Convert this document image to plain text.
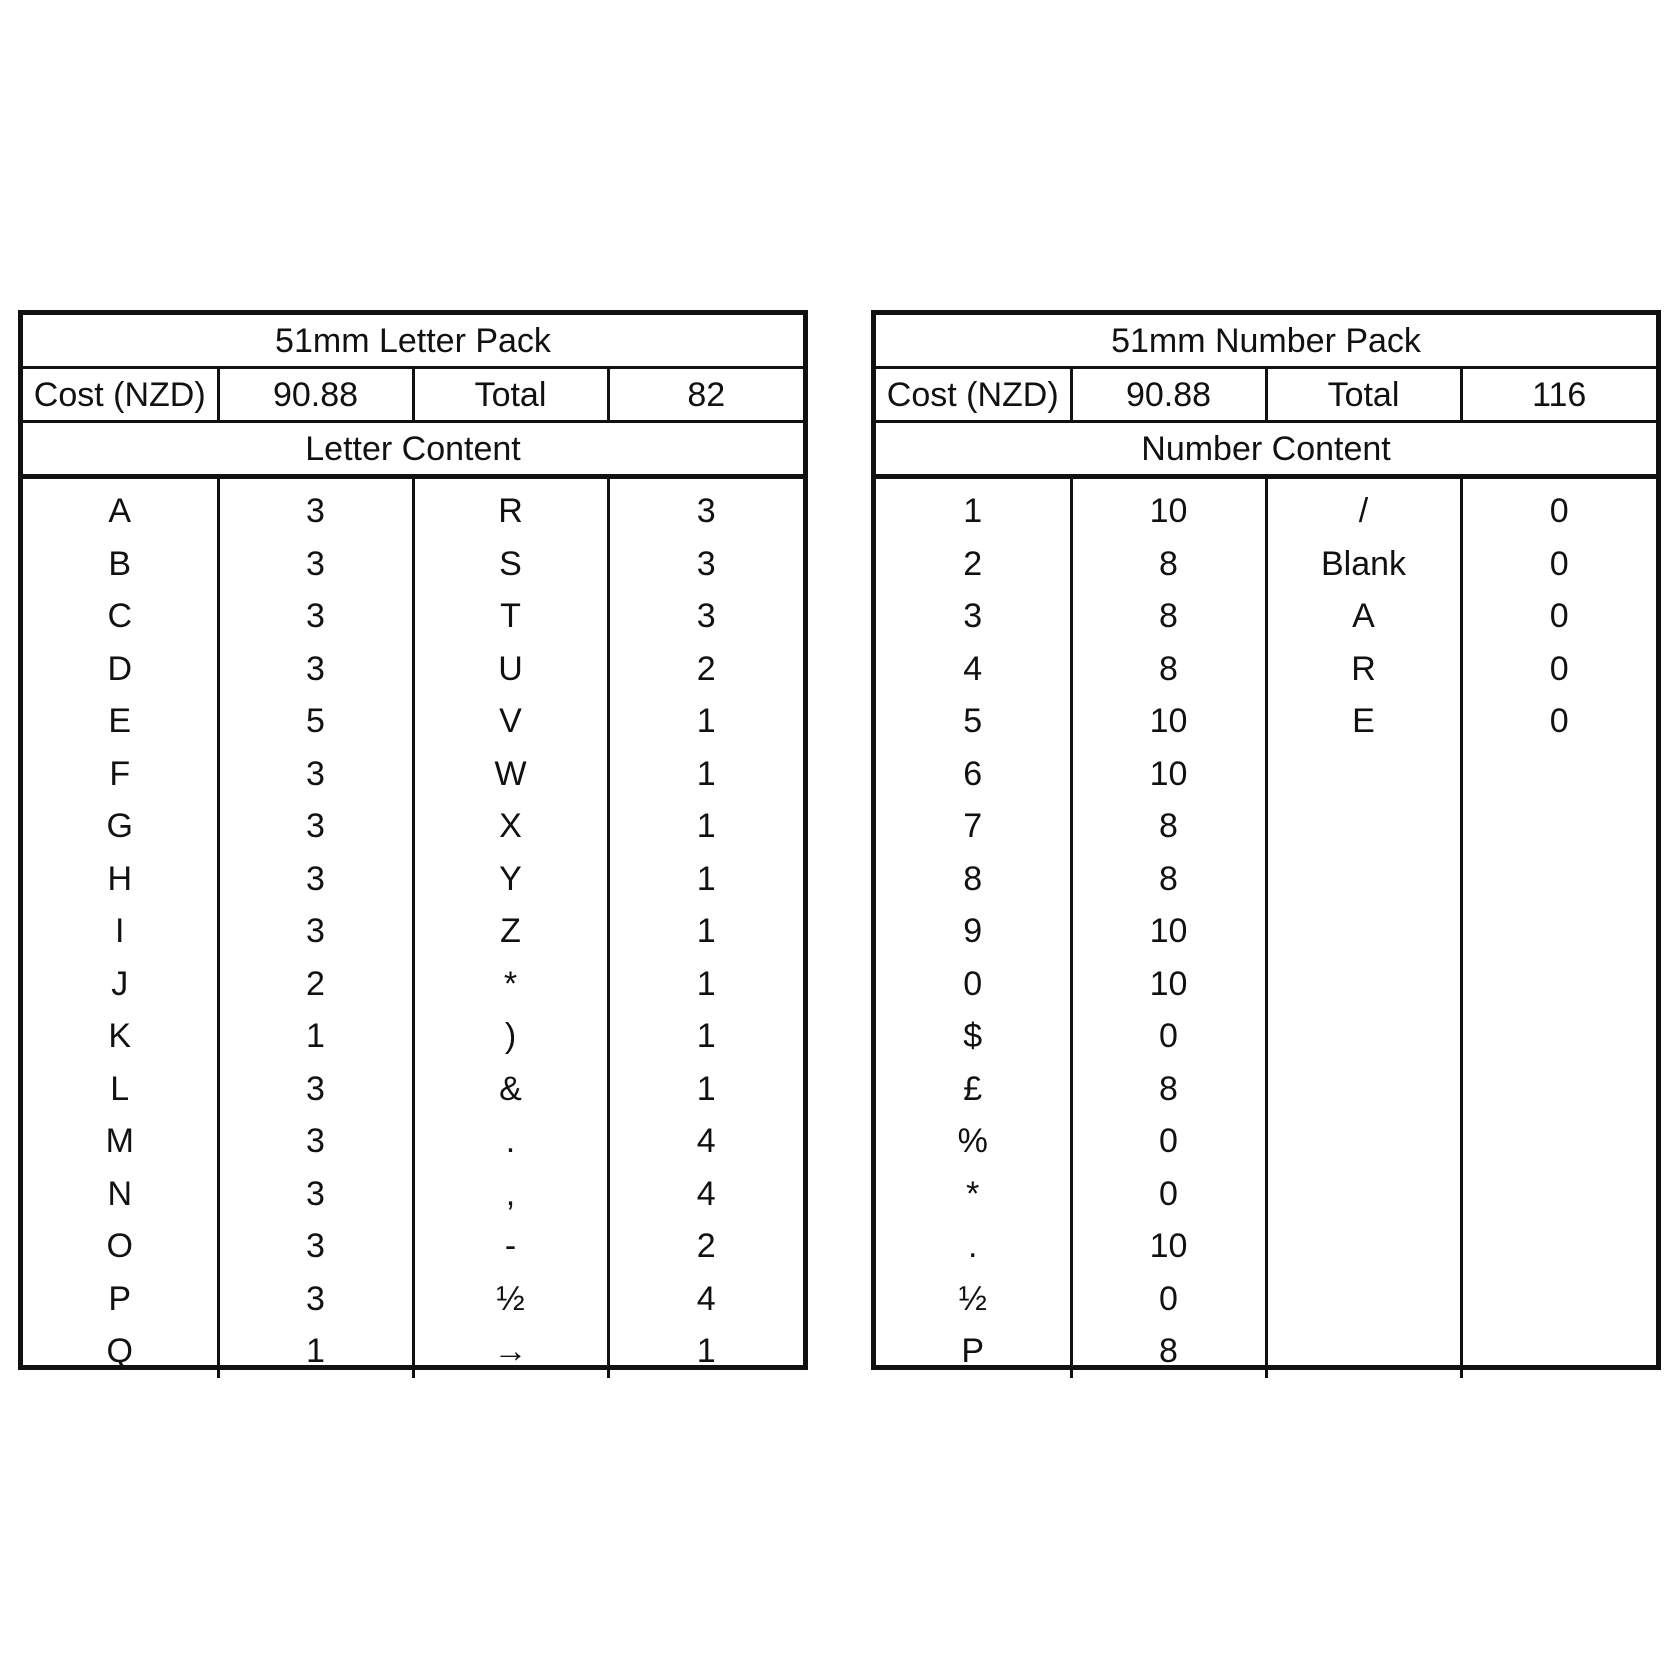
51mm Letter Pack			
Cost (NZD)	90.88	Total	82
Letter Content			
A	3	R	3
B	3	S	3
C	3	T	3
D	3	U	2
E	5	V	1
F	3	W	1
G	3	X	1
H	3	Y	1
I	3	Z	1
J	2	*	1
K	1	)	1
L	3	&	1
M	3	.	4
N	3	,	4
O	3	-	2
P	3	½	4
Q	1	→	1
51mm Number Pack			
Cost (NZD)	90.88	Total	116
Number Content			
1	10	/	0
2	8	Blank	0
3	8	A	0
4	8	R	0
5	10	E	0
6	10		
7	8		
8	8		
9	10		
0	10		
$	0		
£	8		
%	0		
*	0		
.	10		
½	0		
P	8		
